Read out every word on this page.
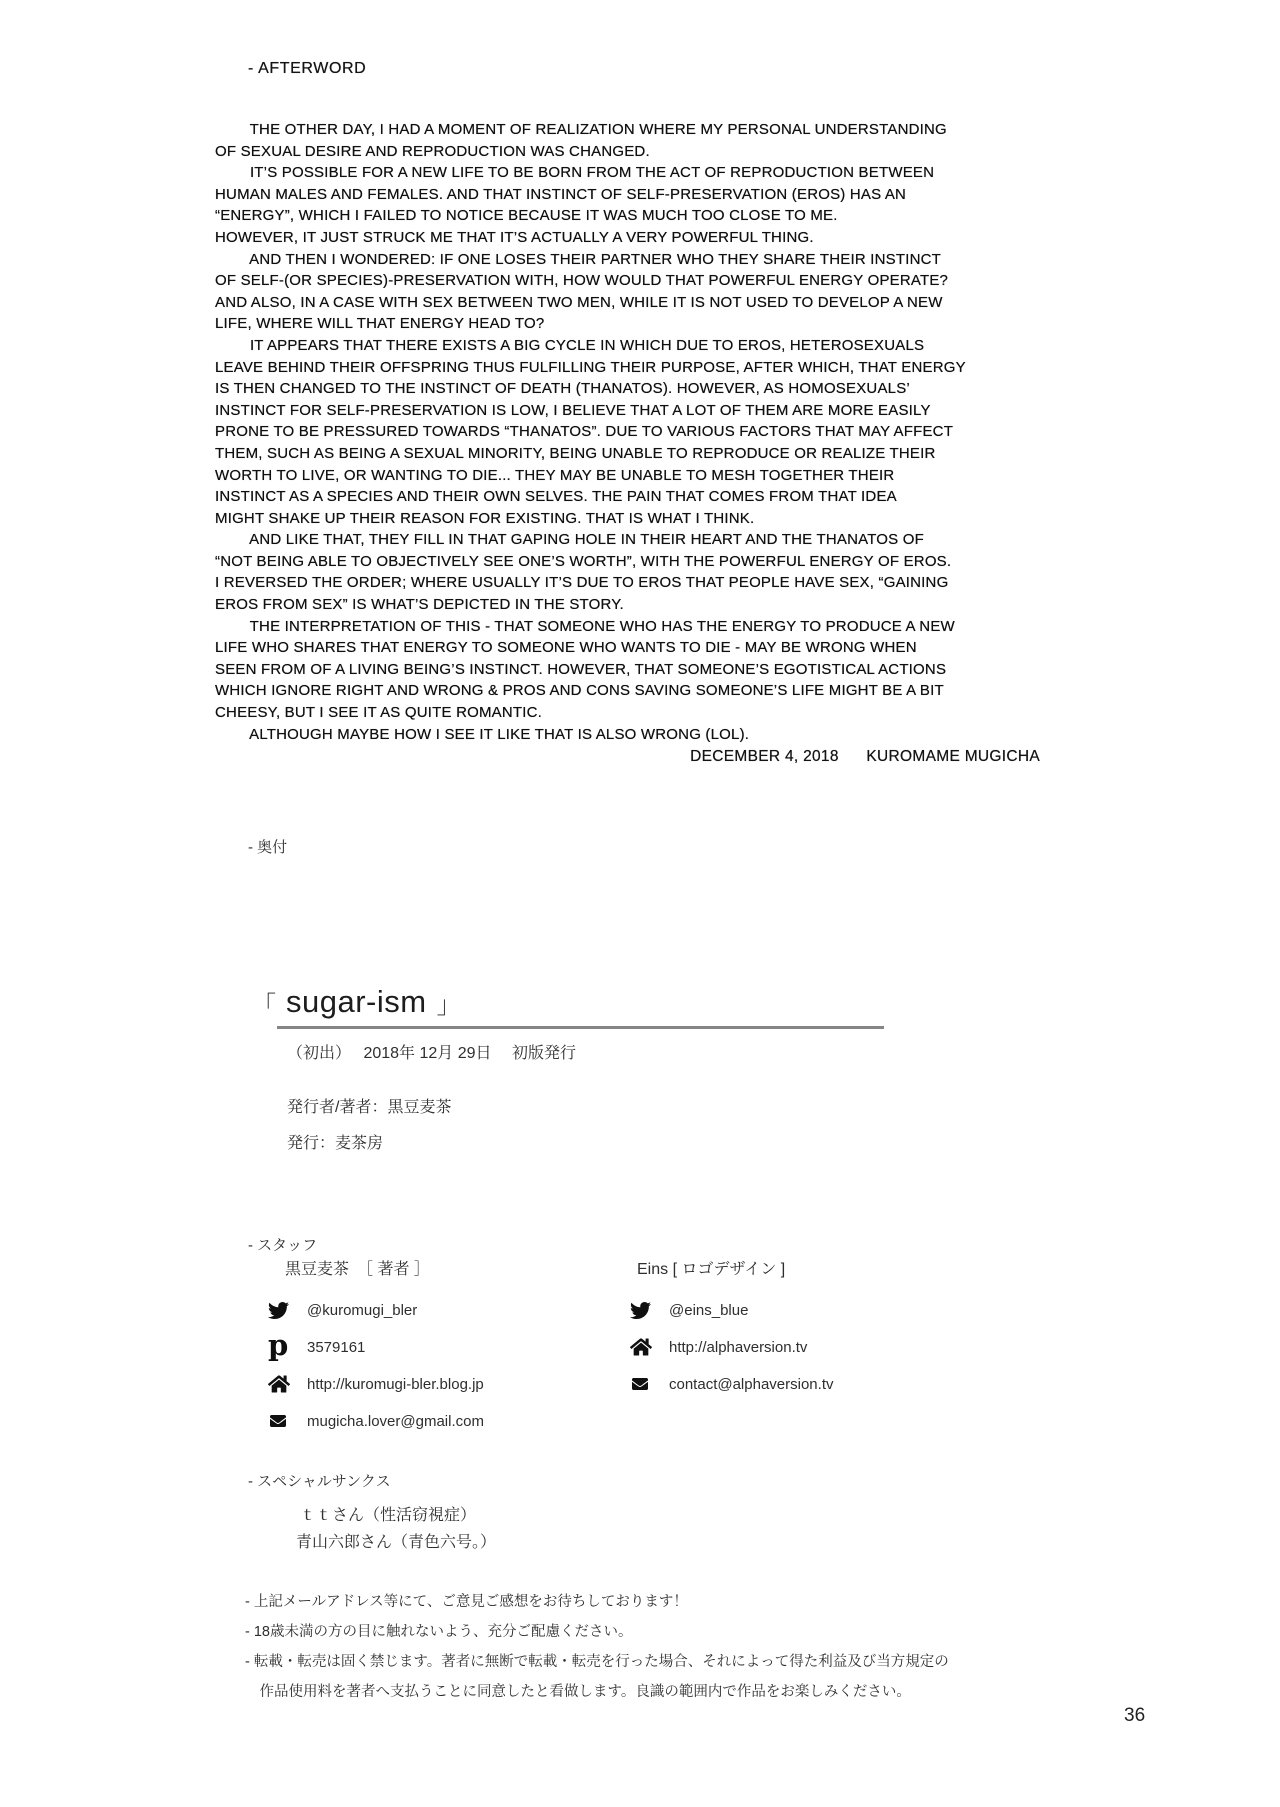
- AFTERWORD
THE OTHER DAY, I HAD A MOMENT OF REALIZATION WHERE MY PERSONAL UNDERSTANDING
OF SEXUAL DESIRE AND REPRODUCTION WAS CHANGED.
IT’S POSSIBLE FOR A NEW LIFE TO BE BORN FROM THE ACT OF REPRODUCTION BETWEEN
HUMAN MALES AND FEMALES. AND THAT INSTINCT OF SELF-PRESERVATION (EROS) HAS AN
“ENERGY”, WHICH I FAILED TO NOTICE BECAUSE IT WAS MUCH TOO CLOSE TO ME.
HOWEVER, IT JUST STRUCK ME THAT IT’S ACTUALLY A VERY POWERFUL THING.
AND THEN I WONDERED: IF ONE LOSES THEIR PARTNER WHO THEY SHARE THEIR INSTINCT
OF SELF-(OR SPECIES)-PRESERVATION WITH, HOW WOULD THAT POWERFUL ENERGY OPERATE?
AND ALSO, IN A CASE WITH SEX BETWEEN TWO MEN, WHILE IT IS NOT USED TO DEVELOP A NEW
LIFE, WHERE WILL THAT ENERGY HEAD TO?
IT APPEARS THAT THERE EXISTS A BIG CYCLE IN WHICH DUE TO EROS, HETEROSEXUALS
LEAVE BEHIND THEIR OFFSPRING THUS FULFILLING THEIR PURPOSE, AFTER WHICH, THAT ENERGY
IS THEN CHANGED TO THE INSTINCT OF DEATH (THANATOS). HOWEVER, AS HOMOSEXUALS’
INSTINCT FOR SELF-PRESERVATION IS LOW, I BELIEVE THAT A LOT OF THEM ARE MORE EASILY
PRONE TO BE PRESSURED TOWARDS “THANATOS”. DUE TO VARIOUS FACTORS THAT MAY AFFECT
THEM, SUCH AS BEING A SEXUAL MINORITY, BEING UNABLE TO REPRODUCE OR REALIZE THEIR
WORTH TO LIVE, OR WANTING TO DIE... THEY MAY BE UNABLE TO MESH TOGETHER THEIR
INSTINCT AS A SPECIES AND THEIR OWN SELVES. THE PAIN THAT COMES FROM THAT IDEA
MIGHT SHAKE UP THEIR REASON FOR EXISTING. THAT IS WHAT I THINK.
AND LIKE THAT, THEY FILL IN THAT GAPING HOLE IN THEIR HEART AND THE THANATOS OF
“NOT BEING ABLE TO OBJECTIVELY SEE ONE’S WORTH”, WITH THE POWERFUL ENERGY OF EROS.
I REVERSED THE ORDER; WHERE USUALLY IT’S DUE TO EROS THAT PEOPLE HAVE SEX, “GAINING
EROS FROM SEX” IS WHAT’S DEPICTED IN THE STORY.
THE INTERPRETATION OF THIS - THAT SOMEONE WHO HAS THE ENERGY TO PRODUCE A NEW
LIFE WHO SHARES THAT ENERGY TO SOMEONE WHO WANTS TO DIE - MAY BE WRONG WHEN
SEEN FROM OF A LIVING BEING’S INSTINCT. HOWEVER, THAT SOMEONE’S EGOTISTICAL ACTIONS
WHICH IGNORE RIGHT AND WRONG & PROS AND CONS SAVING SOMEONE’S LIFE MIGHT BE A BIT
CHEESY, BUT I SEE IT AS QUITE ROMANTIC.
ALTHOUGH MAYBE HOW I SEE IT LIKE THAT IS ALSO WRONG (LOL).
DECEMBER 4, 2018      KUROMAME MUGICHA
- 奥付
「 sugar-ism 」
（初出）　 2018年 12月 29日　 初版発行
発行者/著者：黒豆麦茶
発行：麦茶房
- スタッフ
黒豆麦茶　［ 著者 ］
@kuromugi_bler
p 3579161
http://kuromugi-bler.blog.jp
mugicha.lover@gmail.com
Eins [ ロゴデザイン ]
@eins_blue
http://alphaversion.tv
contact@alphaversion.tv
- スペシャルサンクス
ｔｔさん（性活窃視症）
青山六郎さん（青色六号。）
- 上記メールアドレス等にて、ご意見ご感想をお待ちしております！
- 18歳未満の方の目に触れないよう、充分ご配慮ください。
- 転載・転売は固く禁じます。著者に無断で転載・転売を行った場合、それによって得た利益及び当方規定の
　作品使用料を著者へ支払うことに同意したと看做します。良識の範囲内で作品をお楽しみください。
36
